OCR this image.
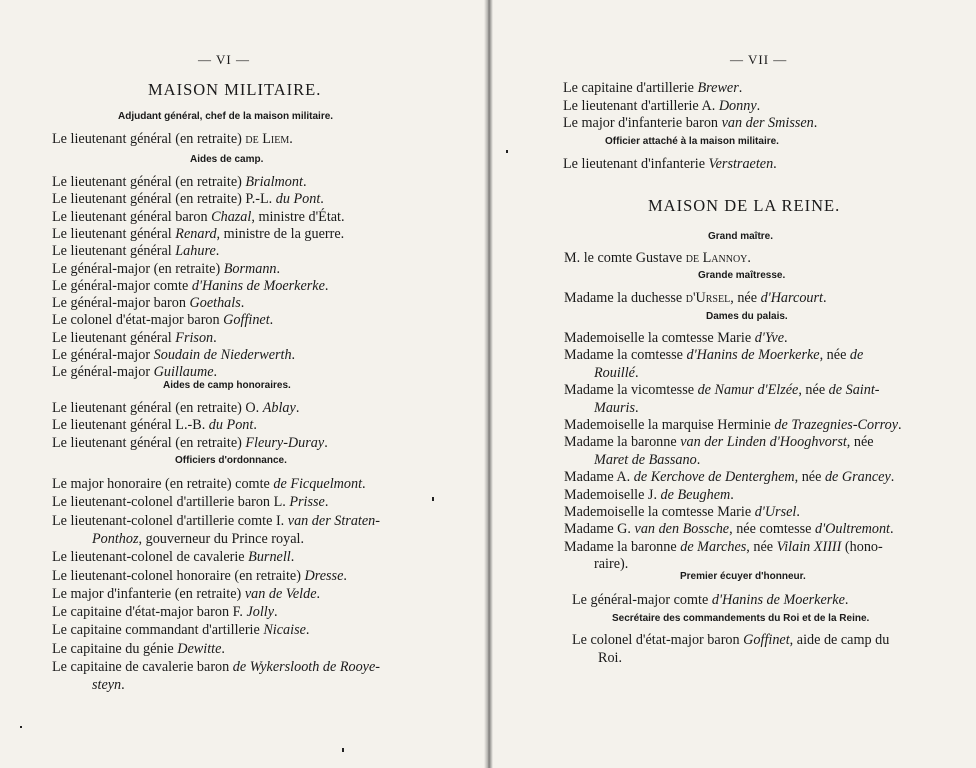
— VI —
MAISON MILITAIRE.
Adjudant général, chef de la maison militaire.
Le lieutenant général (en retraite) de Liem.
Aides de camp.
Le lieutenant général (en retraite) Brialmont.
Le lieutenant général (en retraite) P.-L. du Pont.
Le lieutenant général baron Chazal, ministre d'État.
Le lieutenant général Renard, ministre de la guerre.
Le lieutenant général Lahure.
Le général-major (en retraite) Bormann.
Le général-major comte d'Hanins de Moerkerke.
Le général-major baron Goethals.
Le colonel d'état-major baron Goffinet.
Le lieutenant général Frison.
Le général-major Soudain de Niederwerth.
Le général-major Guillaume.
Aides de camp honoraires.
Le lieutenant général (en retraite) O. Ablay.
Le lieutenant général L.-B. du Pont.
Le lieutenant général (en retraite) Fleury-Duray.
Officiers d'ordonnance.
Le major honoraire (en retraite) comte de Ficquelmont.
Le lieutenant-colonel d'artillerie baron L. Prisse.
Le lieutenant-colonel d'artillerie comte I. van der Straten-
Ponthoz, gouverneur du Prince royal.
Le lieutenant-colonel de cavalerie Burnell.
Le lieutenant-colonel honoraire (en retraite) Dresse.
Le major d'infanterie (en retraite) van de Velde.
Le capitaine d'état-major baron F. Jolly.
Le capitaine commandant d'artillerie Nicaise.
Le capitaine du génie Dewitte.
Le capitaine de cavalerie baron de Wykerslooth de Rooye-
steyn.
— VII —
Le capitaine d'artillerie Brewer.
Le lieutenant d'artillerie A. Donny.
Le major d'infanterie baron van der Smissen.
Officier attaché à la maison militaire.
Le lieutenant d'infanterie Verstraeten.
Grand maître.
M. le comte Gustave de Lannoy.
Grande maîtresse.
Madame la duchesse d'Ursel, née d'Harcourt.
Dames du palais.
Mademoiselle la comtesse Marie d'Yve.
Madame la comtesse d'Hanins de Moerkerke, née de
Rouillé.
Madame la vicomtesse de Namur d'Elzée, née de Saint-
Mauris.
Mademoiselle la marquise Herminie de Trazegnies-Corroy.
Madame la baronne van der Linden d'Hooghvorst, née
Maret de Bassano.
Madame A. de Kerchove de Denterghem, née de Grancey.
Mademoiselle J. de Beughem.
Mademoiselle la comtesse Marie d'Ursel.
Madame G. van den Bossche, née comtesse d'Oultremont.
Madame la baronne de Marches, née Vilain XIIII (hono-
raire).
Premier écuyer d'honneur.
Le général-major comte d'Hanins de Moerkerke.
Secrétaire des commandements du Roi et de la Reine.
Le colonel d'état-major baron Goffinet, aide de camp du
Roi.
MAISON DE LA REINE.
